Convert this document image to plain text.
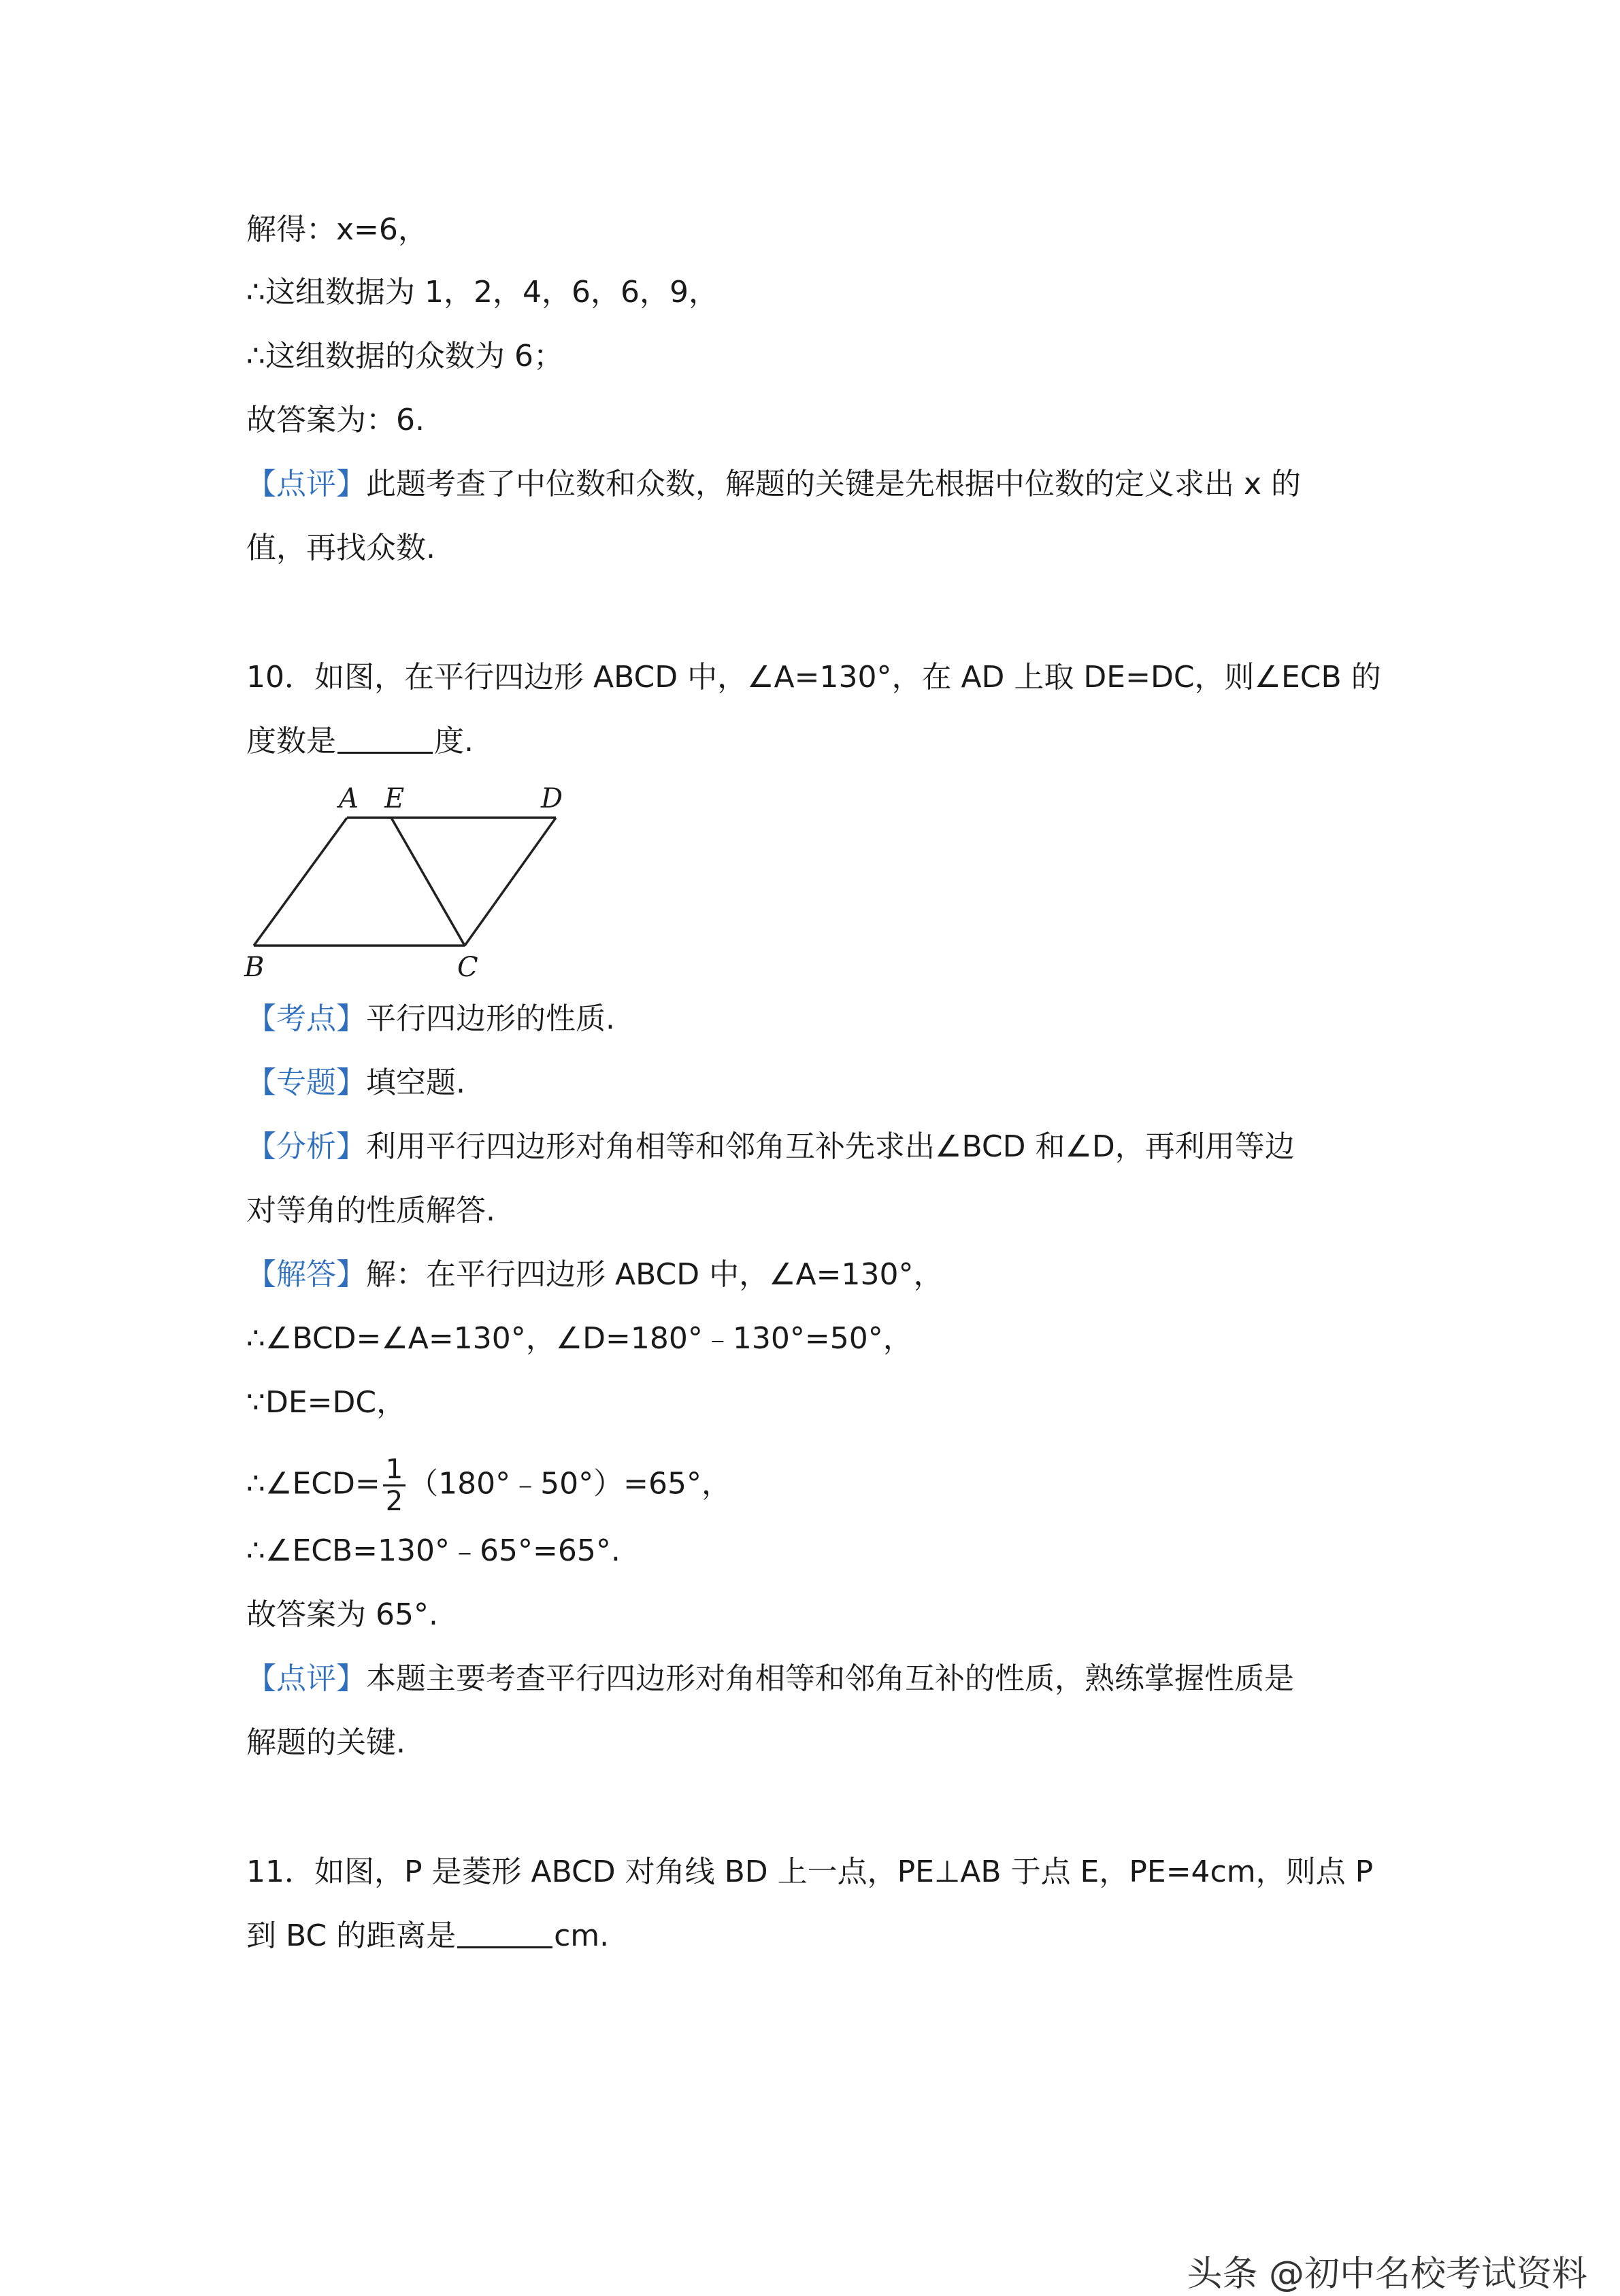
解得：x=6，
∴这组数据为 1，2，4，6，6，9，
∴这组数据的众数为 6；
故答案为：6.
【点评】此题考查了中位数和众数，解题的关键是先根据中位数的定义求出 x 的
值，再找众数.
10．如图，在平行四边形 ABCD 中，∠A=130°，在 AD 上取 DE=DC，则∠ECB 的
度数是	度.
A E	D
B	C
【考点】平行四边形的性质.
【专题】填空题.
【分析】利用平行四边形对角相等和邻角互补先求出∠BCD 和∠D，再利用等边
对等角的性质解答.
【解答】解：在平行四边形 ABCD 中，∠A=130°，
∴∠BCD=∠A=130°，∠D=180°﹣130°=50°，
∵DE=DC，
∴∠ECD= $\frac{1}{2}$ （180°﹣50°）=65°，
∴∠ECB=130°﹣65°=65°.
故答案为 65°.
【点评】本题主要考查平行四边形对角相等和邻角互补的性质，熟练掌握性质是
解题的关键.
11．如图，P 是菱形 ABCD 对角线 BD 上一点，PE⊥AB 于点 E，PE=4cm，则点 P
到 BC 的距离是	cm.
头条 @初中名校考试资料
